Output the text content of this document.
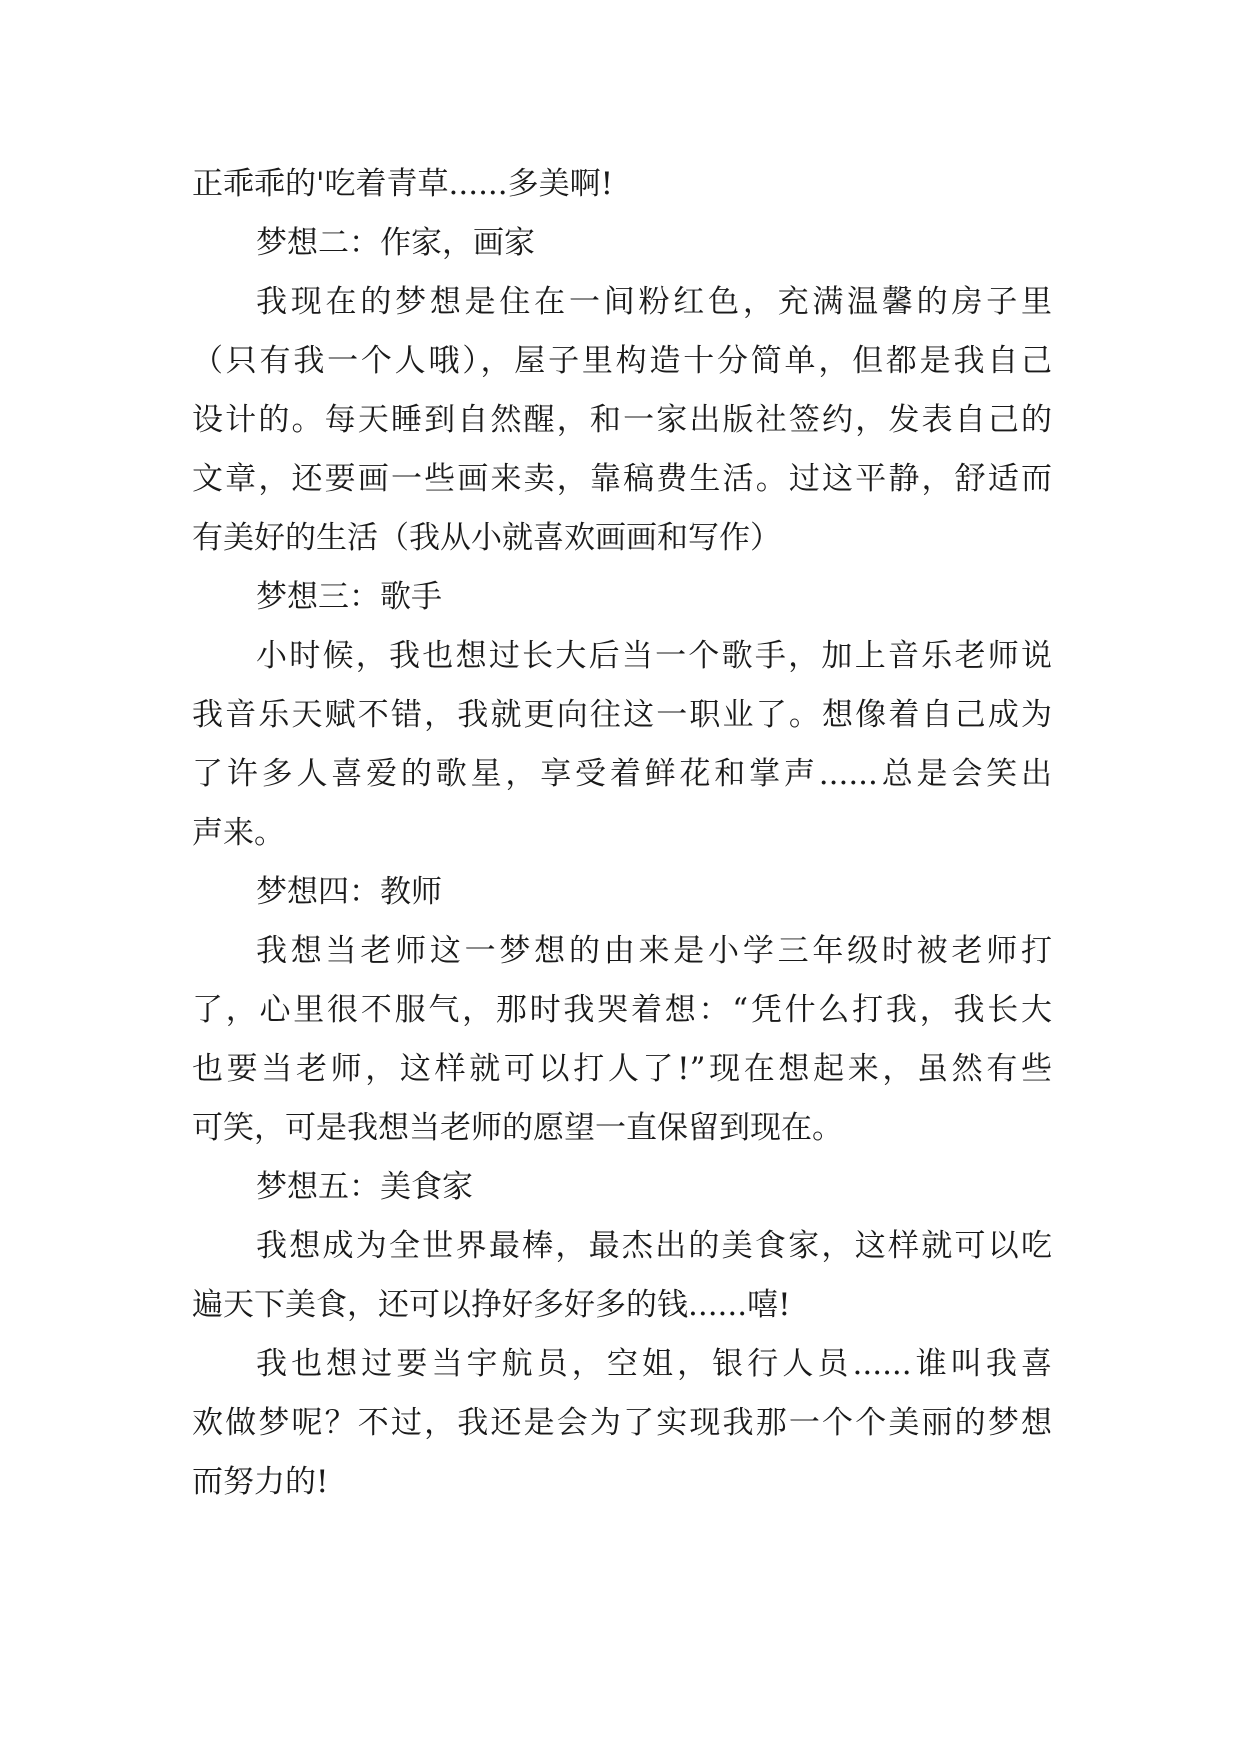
正乖乖的'吃着青草......多美啊!
梦想二：作家，画家
我现在的梦想是住在一间粉红色，充满温馨的房子里
（只有我一个人哦），屋子里构造十分简单，但都是我自己
设计的。每天睡到自然醒，和一家出版社签约，发表自己的
文章，还要画一些画来卖，靠稿费生活。过这平静，舒适而
有美好的生活（我从小就喜欢画画和写作）
梦想三：歌手
小时候，我也想过长大后当一个歌手，加上音乐老师说
我音乐天赋不错，我就更向往这一职业了。想像着自己成为
了许多人喜爱的歌星，享受着鲜花和掌声......总是会笑出
声来。
梦想四：教师
我想当老师这一梦想的由来是小学三年级时被老师打
了，心里很不服气，那时我哭着想：“凭什么打我，我长大
也要当老师，这样就可以打人了!”现在想起来，虽然有些
可笑，可是我想当老师的愿望一直保留到现在。
梦想五：美食家
我想成为全世界最棒，最杰出的美食家，这样就可以吃
遍天下美食，还可以挣好多好多的钱......嘻!
我也想过要当宇航员，空姐，银行人员......谁叫我喜
欢做梦呢？不过，我还是会为了实现我那一个个美丽的梦想
而努力的!
